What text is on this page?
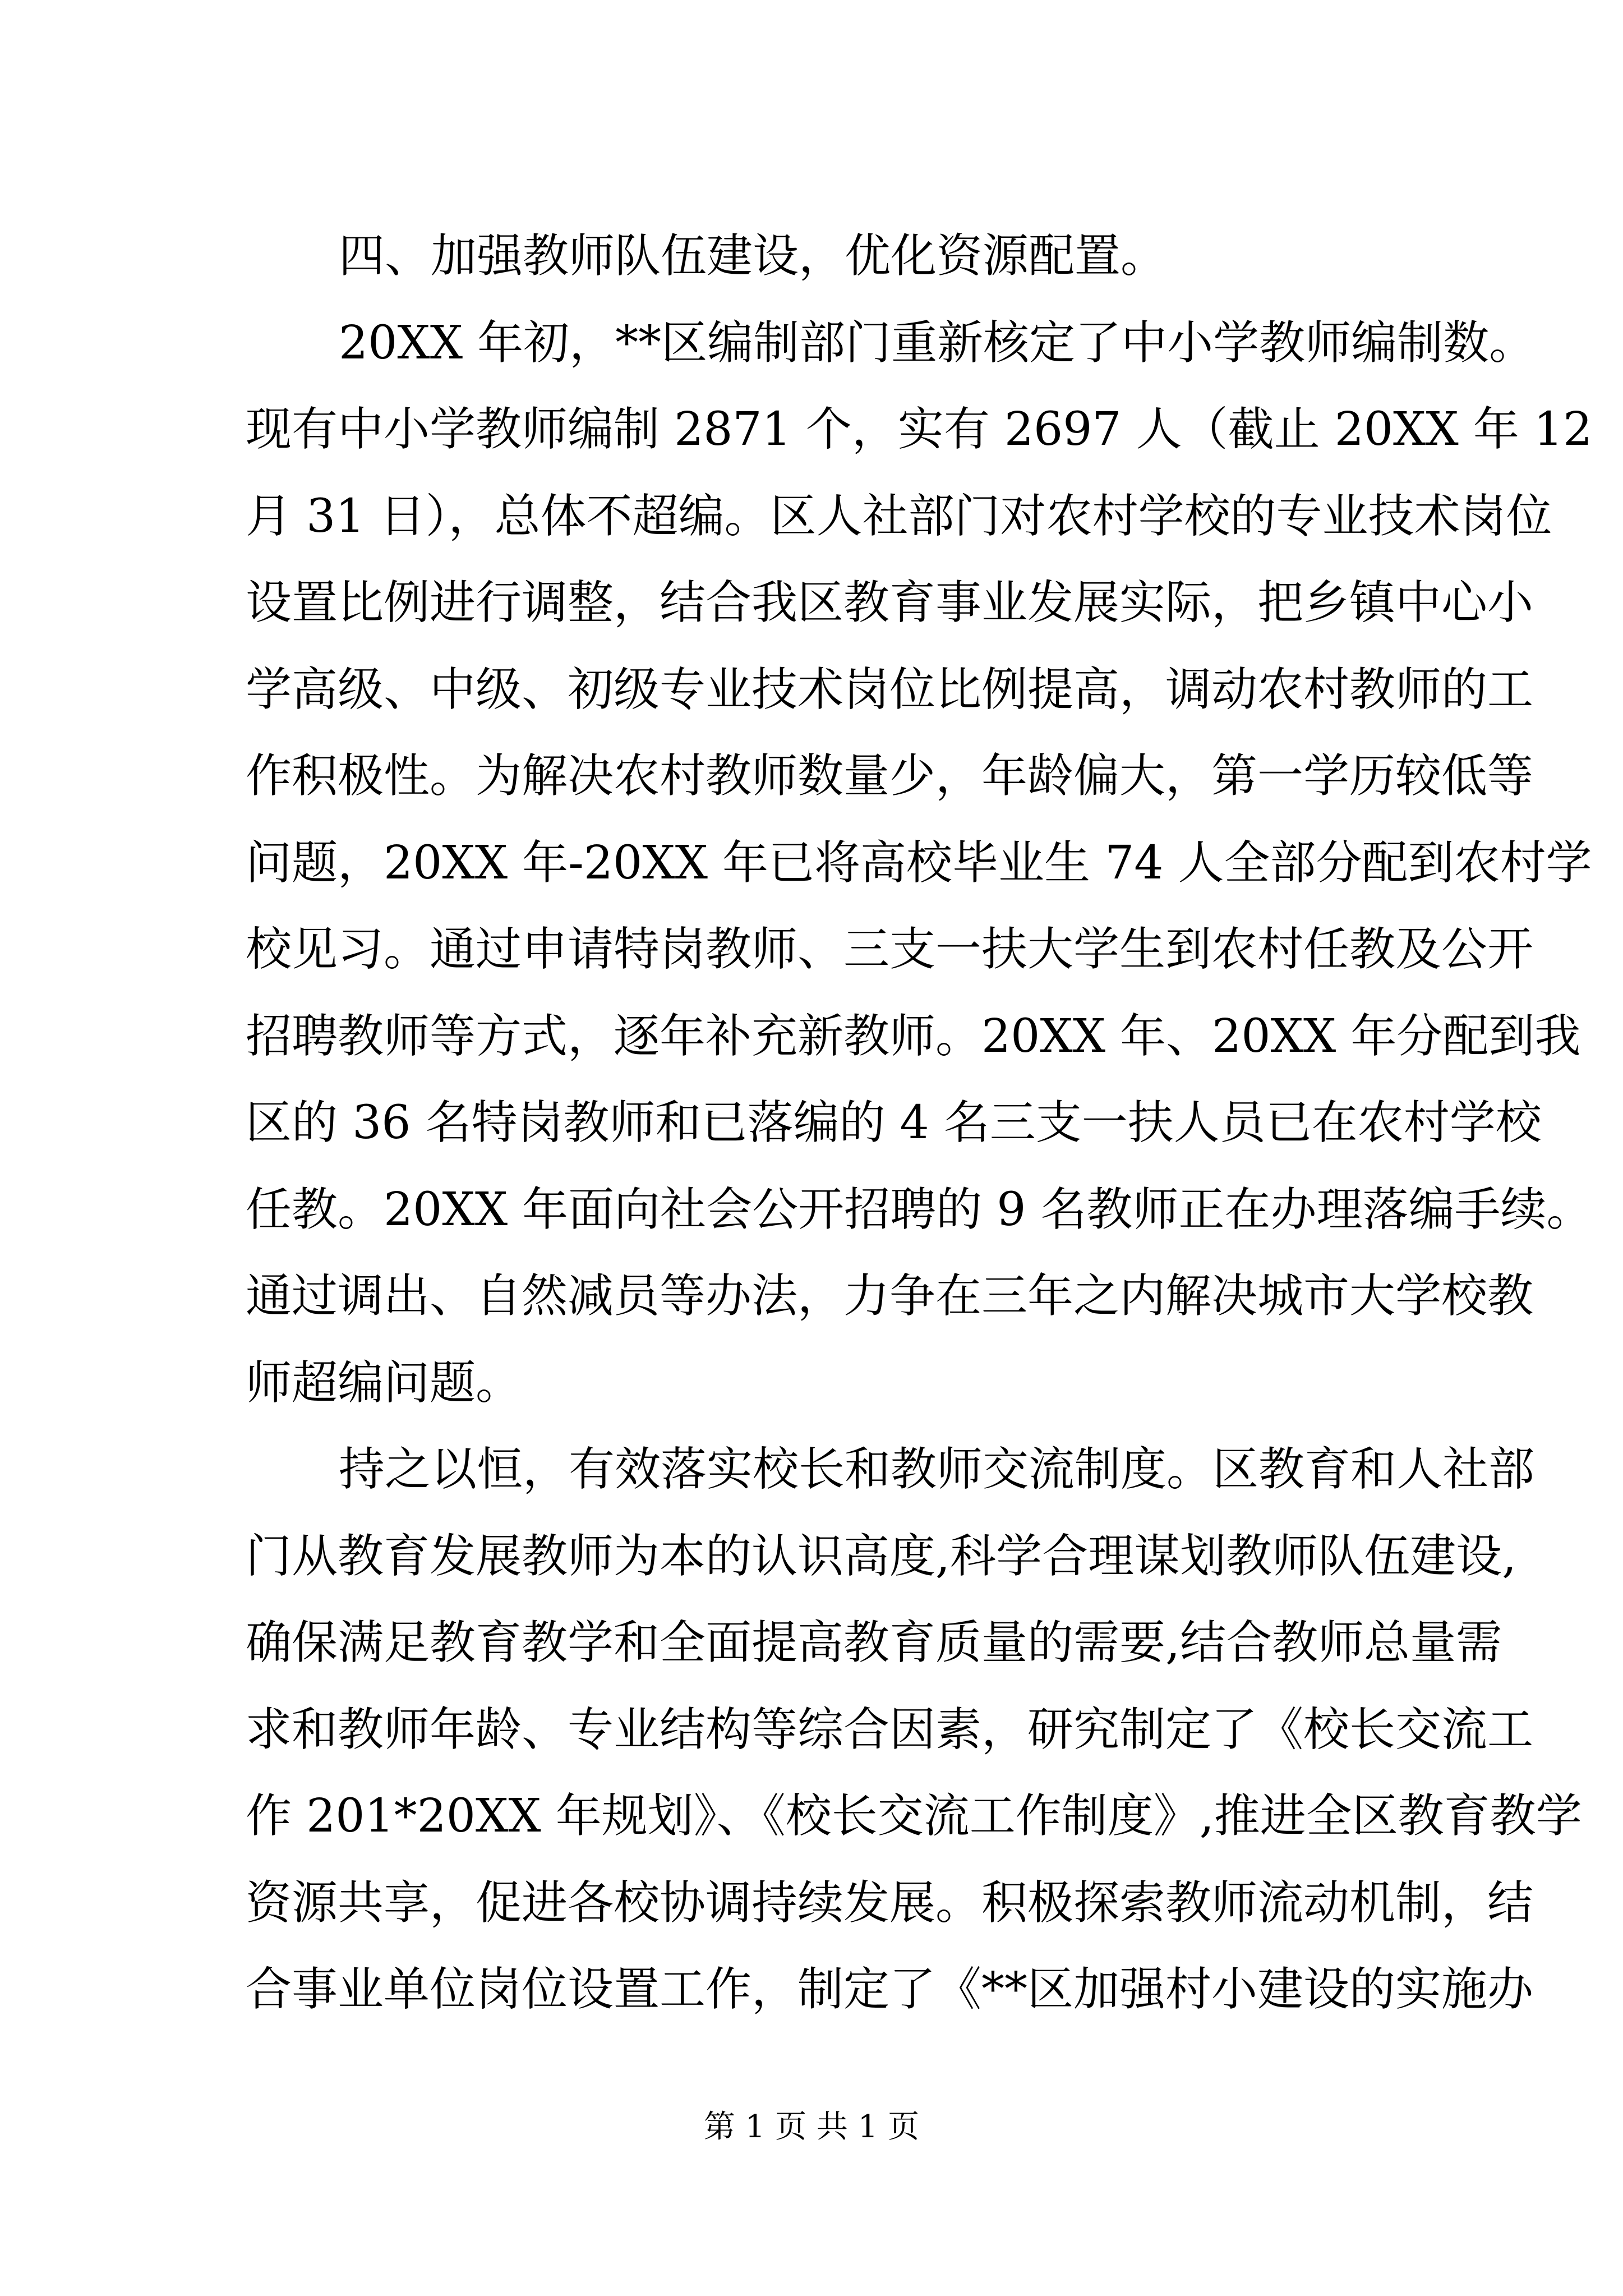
四、加强教师队伍建设，优化资源配置。
20XX 年初，**区编制部门重新核定了中小学教师编制数。
现有中小学教师编制 2871 个，实有 2697 人（截止 20XX 年 12
月 31 日），总体不超编。区人社部门对农村学校的专业技术岗位
设置比例进行调整，结合我区教育事业发展实际，把乡镇中心小
学高级、中级、初级专业技术岗位比例提高，调动农村教师的工
作积极性。为解决农村教师数量少，年龄偏大，第一学历较低等
问题，20XX 年-20XX 年已将高校毕业生 74 人全部分配到农村学
校见习。通过申请特岗教师、三支一扶大学生到农村任教及公开
招聘教师等方式，逐年补充新教师。20XX 年、20XX 年分配到我
区的 36 名特岗教师和已落编的 4 名三支一扶人员已在农村学校
任教。20XX 年面向社会公开招聘的 9 名教师正在办理落编手续。
通过调出、自然减员等办法，力争在三年之内解决城市大学校教
师超编问题。
持之以恒，有效落实校长和教师交流制度。区教育和人社部
门从教育发展教师为本的认识高度,科学合理谋划教师队伍建设,
确保满足教育教学和全面提高教育质量的需要,结合教师总量需
求和教师年龄、专业结构等综合因素，研究制定了《校长交流工
作 201*20XX 年规划》、《校长交流工作制度》,推进全区教育教学
资源共享，促进各校协调持续发展。积极探索教师流动机制，结
合事业单位岗位设置工作，制定了《**区加强村小建设的实施办
第 1 页 共 1 页
